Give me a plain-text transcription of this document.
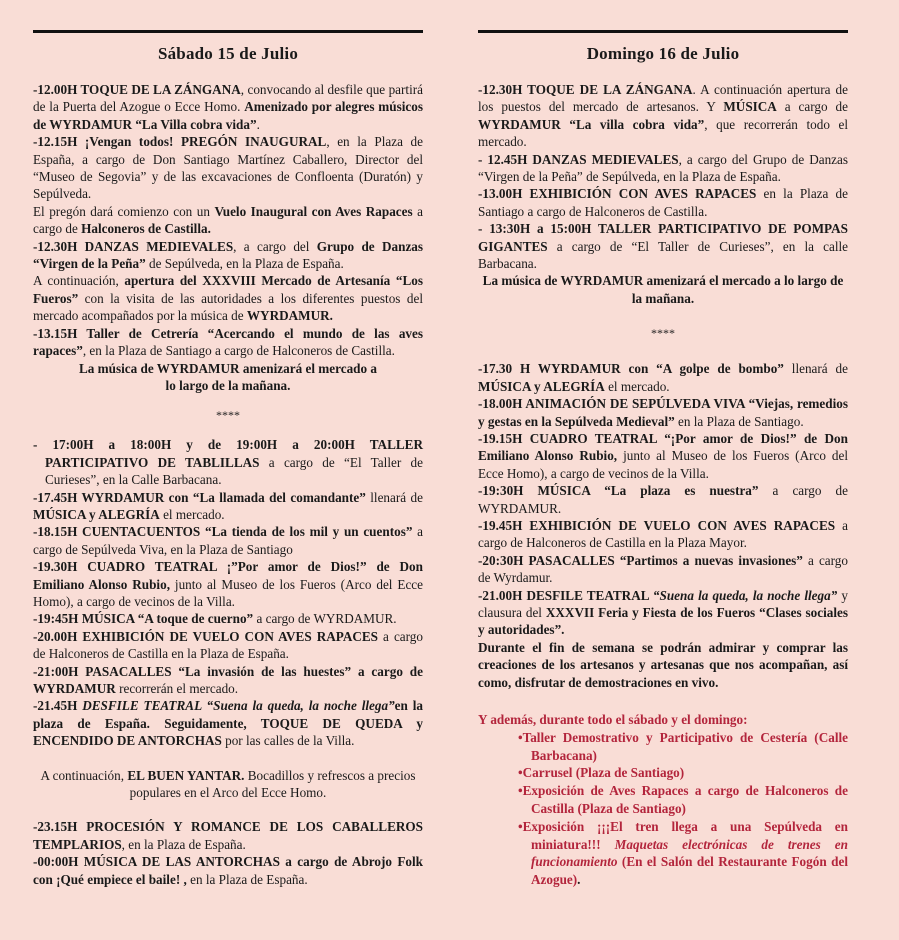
Sábado 15 de Julio

-12.00H TOQUE DE LA ZÁNGANA, convocando al desfile que partirá de la Puerta del Azogue o Ecce Homo. Amenizado por alegres músicos de WYRDAMUR “La Villa cobra vida”.

-12.15H ¡Vengan todos! PREGÓN INAUGURAL, en la Plaza de España, a cargo de Don Santiago Martínez Caballero, Director del “Museo de Segovia” y de las excavaciones de Confloenta (Duratón) y Sepúlveda.

El pregón dará comienzo con un Vuelo Inaugural con Aves Rapaces a cargo de Halconeros de Castilla.

-12.30H DANZAS MEDIEVALES, a cargo del Grupo de Danzas “Virgen de la Peña” de Sepúlveda, en la Plaza de España.

A continuación, apertura del XXXVIII Mercado de Artesanía “Los Fueros” con la visita de las autoridades a los diferentes puestos del mercado acompañados por la música de WYRDAMUR.

-13.15H Taller de Cetrería “Acercando el mundo de las aves rapaces”, en la Plaza de Santiago a cargo de Halconeros de Castilla.

La música de WYRDAMUR amenizará el mercado a lo largo de la mañana.

****

- 17:00H a 18:00H y de 19:00H a 20:00H TALLER PARTICIPATIVO DE TABLILLAS a cargo de “El Taller de Curieses”, en la Calle Barbacana.

-17.45H WYRDAMUR con “La llamada del comandante” llenará de MÚSICA y ALEGRÍA el mercado.

-18.15H CUENTACUENTOS “La tienda de los mil y un cuentos” a cargo de Sepúlveda Viva, en la Plaza de Santiago

-19.30H CUADRO TEATRAL ¡”Por amor de Dios!” de Don Emiliano Alonso Rubio, junto al Museo de los Fueros (Arco del Ecce Homo), a cargo de vecinos de la Villa.

-19:45H MÚSICA “A toque de cuerno” a cargo de WYRDAMUR.

-20.00H EXHIBICIÓN DE VUELO CON AVES RAPACES a cargo de Halconeros de Castilla en la Plaza de España.

-21:00H PASACALLES “La invasión de las huestes” a cargo de WYRDAMUR recorrerán el mercado.

-21.45H DESFILE TEATRAL “Suena la queda, la noche llega”en la plaza de España. Seguidamente, TOQUE DE QUEDA y ENCENDIDO DE ANTORCHAS por las calles de la Villa.

A continuación, EL BUEN YANTAR. Bocadillos y refrescos a precios populares en el Arco del Ecce Homo.

-23.15H PROCESIÓN Y ROMANCE DE LOS CABALLEROS TEMPLARIOS, en la Plaza de España.

-00:00H MÚSICA DE LAS ANTORCHAS a cargo de Abrojo Folk con ¡Qué empiece el baile! , en la Plaza de España.

Domingo 16 de Julio

-12.30H TOQUE DE LA ZÁNGANA. A continuación apertura de los puestos del mercado de artesanos. Y MÚSICA a cargo de WYRDAMUR “La villa cobra vida”, que recorrerán todo el mercado.

- 12.45H DANZAS MEDIEVALES, a cargo del Grupo de Danzas “Virgen de la Peña” de Sepúlveda, en la Plaza de España.

-13.00H EXHIBICIÓN CON AVES RAPACES en la Plaza de Santiago a cargo de Halconeros de Castilla.

- 13:30H a 15:00H TALLER PARTICIPATIVO DE POMPAS GIGANTES a cargo de “El Taller de Curieses”, en la calle Barbacana.

La música de WYRDAMUR amenizará el mercado a lo largo de la mañana.

****

-17.30 H WYRDAMUR con “A golpe de bombo” llenará de MÚSICA y ALEGRÍA el mercado.

-18.00H ANIMACIÓN DE SEPÚLVEDA VIVA “Viejas, remedios y gestas en la Sepúlveda Medieval” en la Plaza de Santiago.

-19.15H CUADRO TEATRAL “¡Por amor de Dios!” de Don Emiliano Alonso Rubio, junto al Museo de los Fueros (Arco del Ecce Homo), a cargo de vecinos de la Villa.

-19:30H MÚSICA “La plaza es nuestra” a cargo de WYRDAMUR.

-19.45H EXHIBICIÓN DE VUELO CON AVES RAPACES a cargo de Halconeros de Castilla en la Plaza Mayor.

-20:30H PASACALLES “Partimos a nuevas invasiones” a cargo de Wyrdamur.

-21.00H DESFILE TEATRAL “Suena la queda, la noche llega” y clausura del XXXVII Feria y Fiesta de los Fueros “Clases sociales y autoridades”.

Durante el fin de semana se podrán admirar y comprar las creaciones de los artesanos y artesanas que nos acompañan, así como, disfrutar de demostraciones en vivo.

Y además, durante todo el sábado y el domingo:

•Taller Demostrativo y Participativo de Cestería (Calle Barbacana)

•Carrusel (Plaza de Santiago)

•Exposición de Aves Rapaces a cargo de Halconeros de Castilla (Plaza de Santiago)

•Exposición ¡¡¡El tren llega a una Sepúlveda en miniatura!!! Maquetas electrónicas de trenes en funcionamiento (En el Salón del Restaurante Fogón del Azogue).
